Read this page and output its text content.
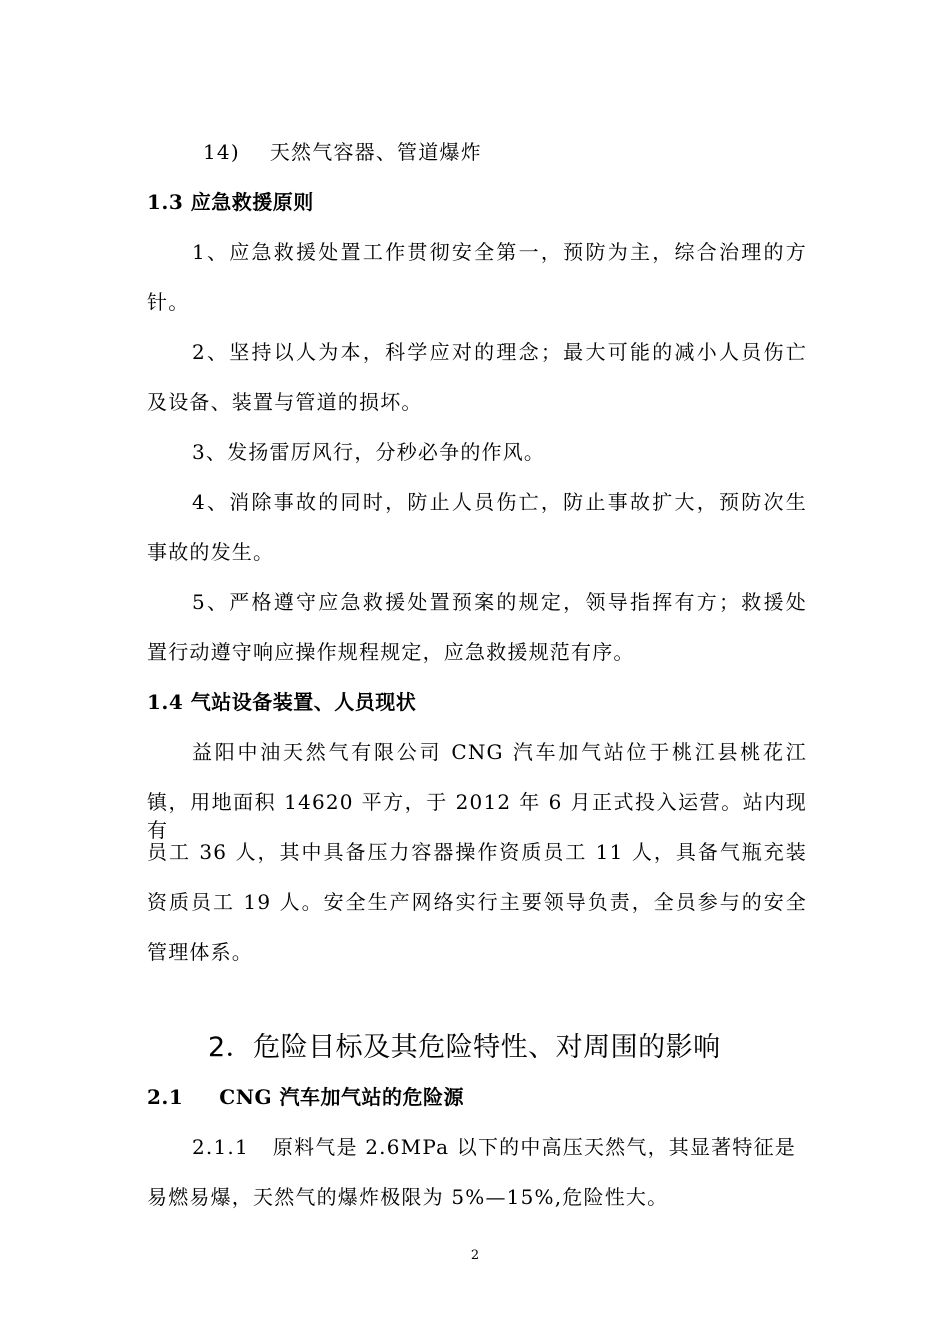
14) 天然气容器、管道爆炸
1.3 应急救援原则
1、应急救援处置工作贯彻安全第一，预防为主，综合治理的方
针。
2、坚持以人为本，科学应对的理念；最大可能的减小人员伤亡
及设备、装置与管道的损坏。
3、发扬雷厉风行，分秒必争的作风。
4、消除事故的同时，防止人员伤亡，防止事故扩大，预防次生
事故的发生。
5、严格遵守应急救援处置预案的规定，领导指挥有方；救援处
置行动遵守响应操作规程规定，应急救援规范有序。
1.4 气站设备装置、人员现状
益阳中油天然气有限公司 CNG 汽车加气站位于桃江县桃花江
镇，用地面积 14620 平方，于 2012 年 6 月正式投入运营。站内现有
员工 36 人，其中具备压力容器操作资质员工 11 人，具备气瓶充装
资质员工 19 人。安全生产网络实行主要领导负责，全员参与的安全
管理体系。
2．危险目标及其危险特性、对周围的影响
2.1 CNG 汽车加气站的危险源
2.1.1 原料气是 2.6MPa 以下的中高压天然气，其显著特征是
易燃易爆，天然气的爆炸极限为 5%—15%,危险性大。
2
